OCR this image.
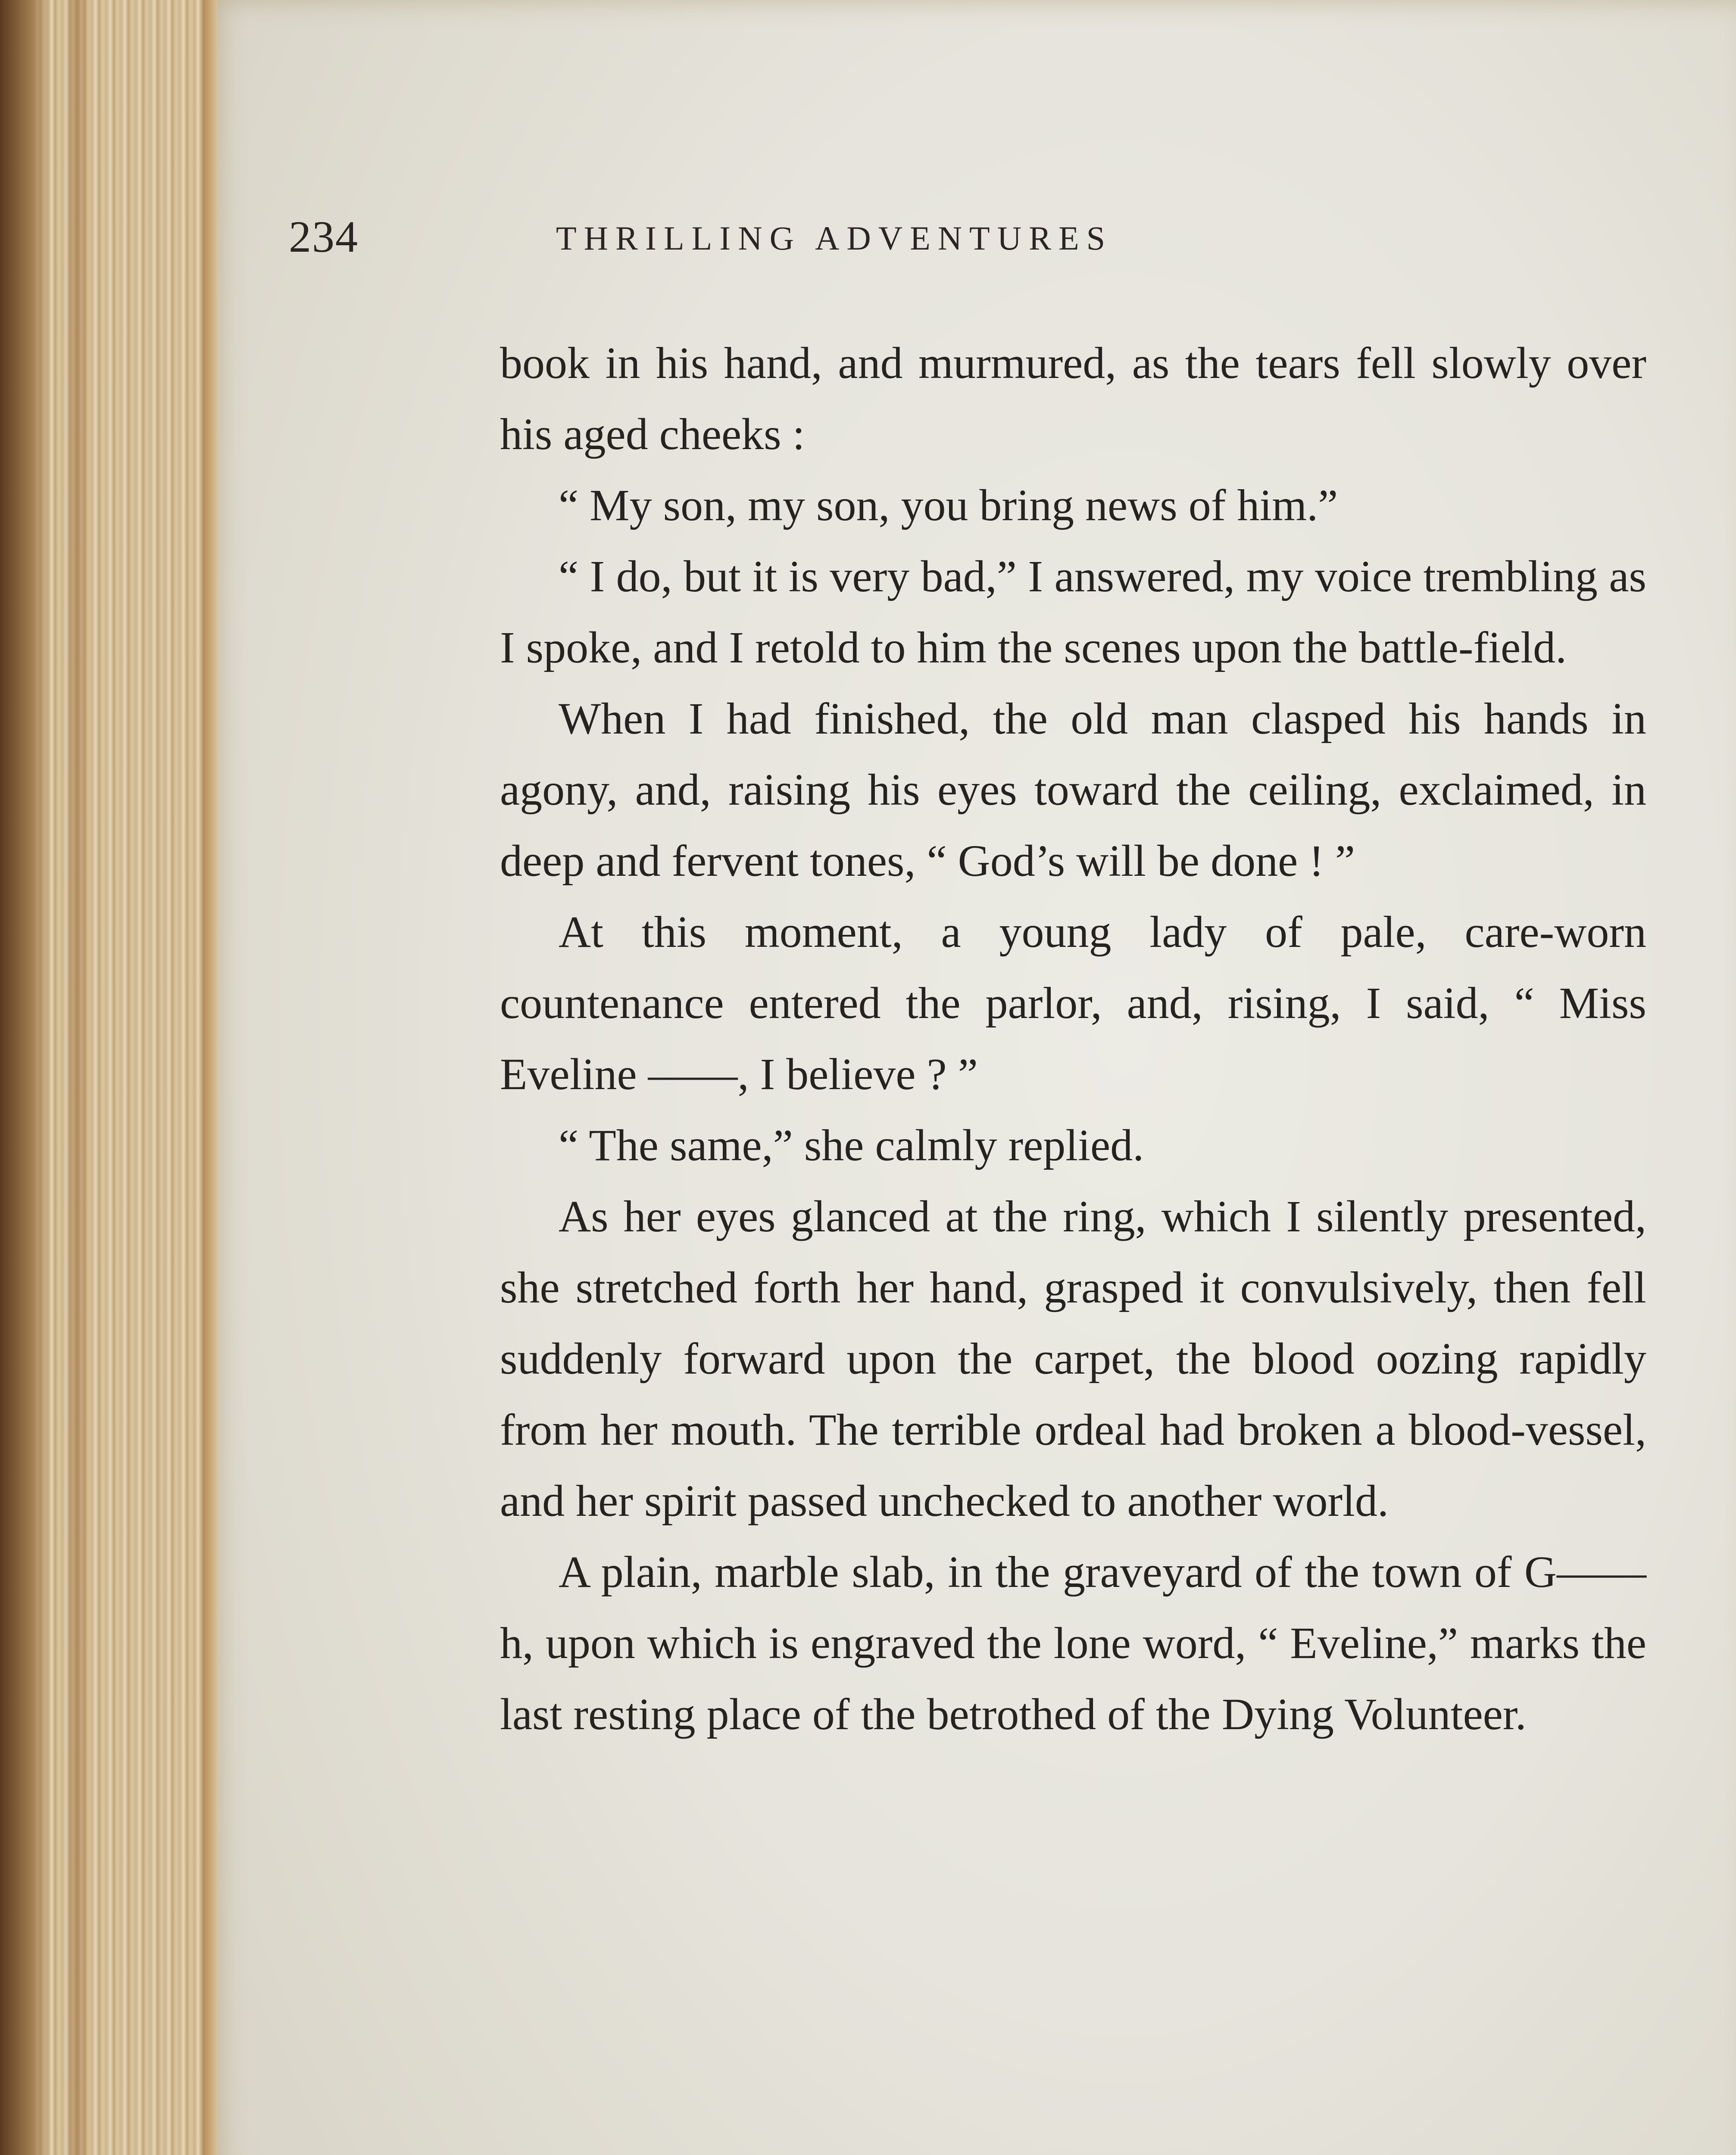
234	THRILLING ADVENTURES

book in his hand, and murmured, as the tears fell slowly over his aged cheeks :

“ My son, my son, you bring news of him.”

“ I do, but it is very bad,” I answered, my voice trembling as I spoke, and I retold to him the scenes upon the battle-field.

When I had finished, the old man clasped his hands in agony, and, raising his eyes toward the ceiling, exclaimed, in deep and fervent tones, “ God’s will be done ! ”

At this moment, a young lady of pale, care-worn countenance entered the parlor, and, rising, I said, “ Miss Eveline ——, I believe ? ”

“ The same,” she calmly replied.

As her eyes glanced at the ring, which I silently presented, she stretched forth her hand, grasped it convulsively, then fell suddenly forward upon the carpet, the blood oozing rapidly from her mouth. The terrible ordeal had broken a blood-vessel, and her spirit passed unchecked to another world.

A plain, marble slab, in the graveyard of the town of G——h, upon which is engraved the lone word, “ Eveline,” marks the last resting place of the betrothed of the Dying Volunteer.
